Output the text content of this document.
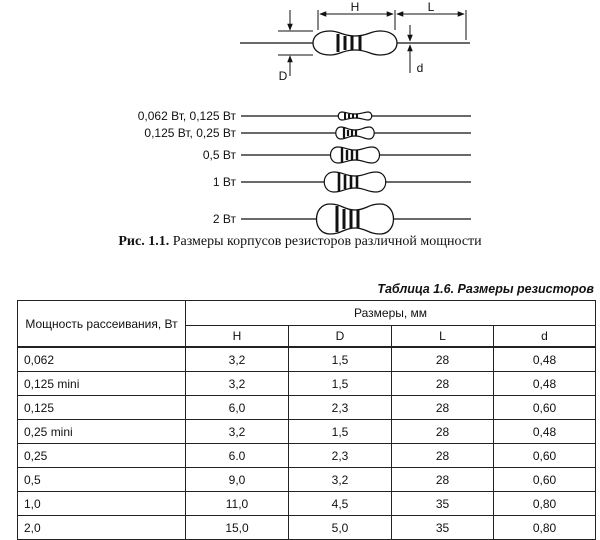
H	L
D
d
0,062 Вт, 0,125 Вт
0,125 Вт, 0,25 Вт
0,5 Вт
1 Вт
2 Вт
Рис. 1.1. Размеры корпусов резисторов различной мощности
Таблица 1.6. Размеры резисторов
Мощность рассеивания, Вт	Размеры, мм			
	H	D	L	d
0,062	3,2	1,5	28	0,48
0,125 mini	3,2	1,5	28	0,48
0,125	6,0	2,3	28	0,60
0,25 mini	3,2	1,5	28	0,48
0,25	6.0	2,3	28	0,60
0,5	9,0	3,2	28	0,60
1,0	11,0	4,5	35	0,80
2,0	15,0	5,0	35	0,80
